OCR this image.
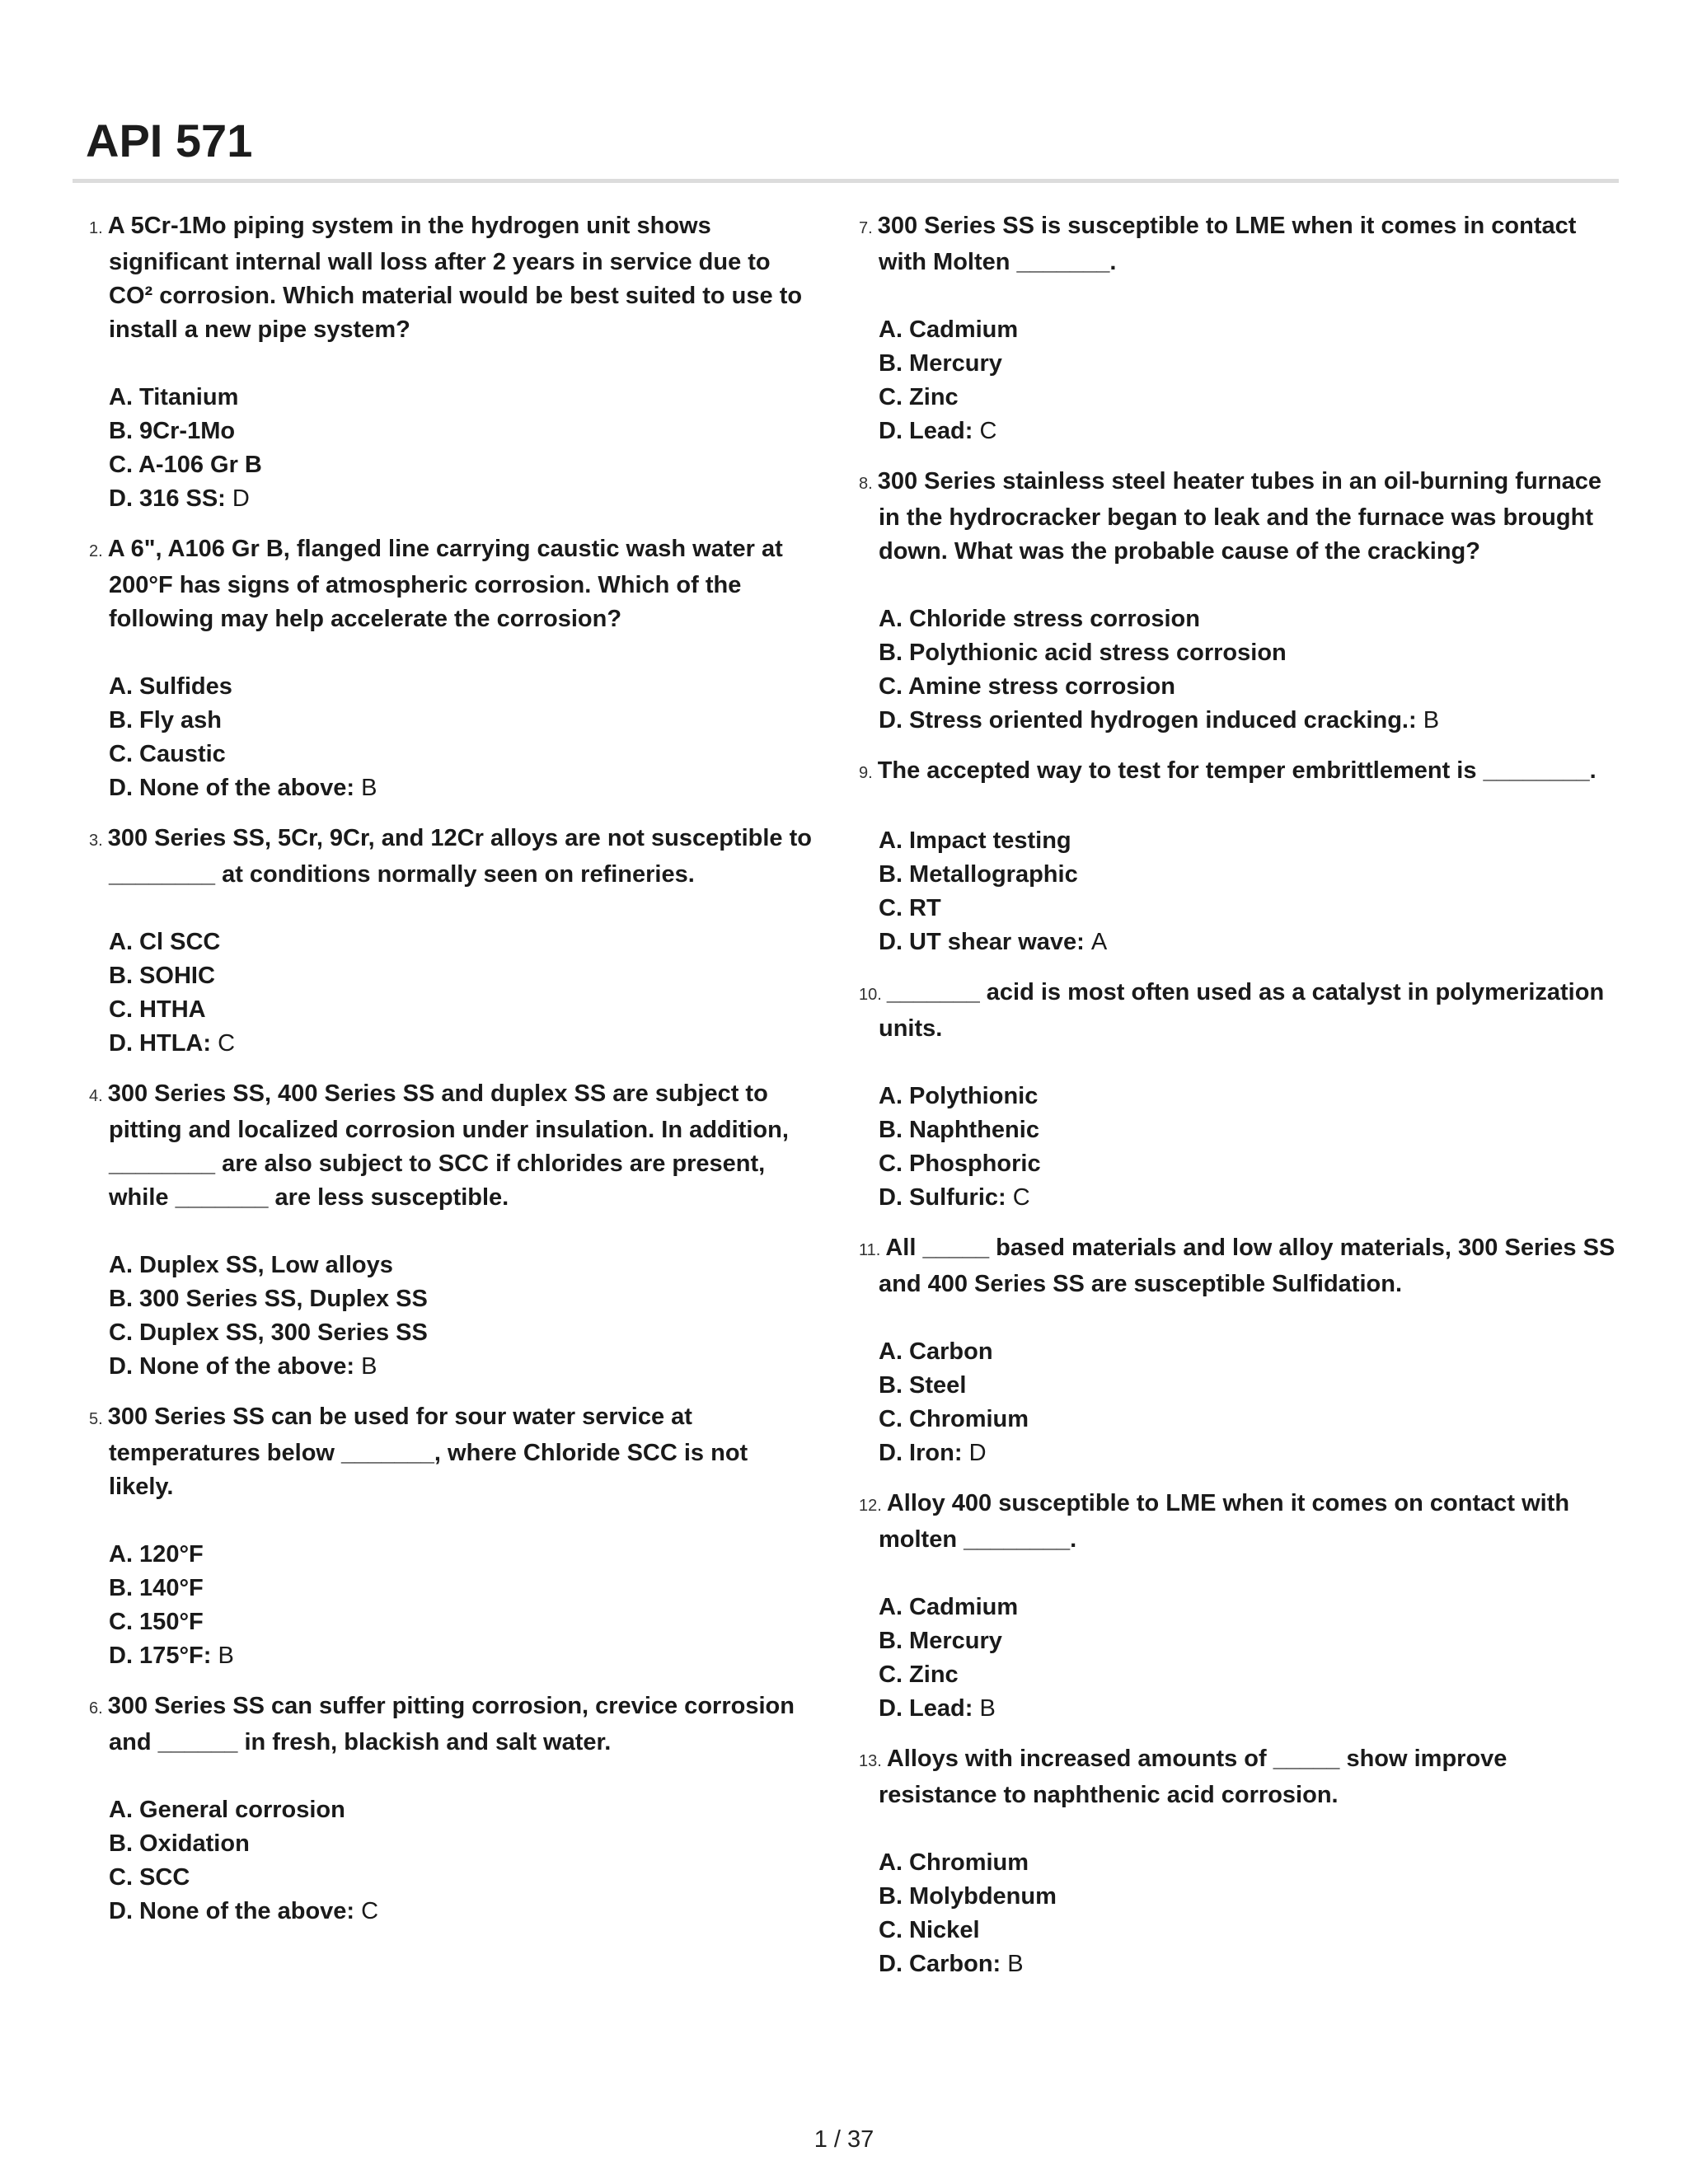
API 571

1. A 5Cr-1Mo piping system in the hydrogen unit shows significant internal wall loss after 2 years in service due to CO² corrosion. Which material would be best suited to use to install a new pipe system?

A. Titanium
B. 9Cr-1Mo
C. A-106 Gr B
D. 316 SS: D

2. A 6", A106 Gr B, flanged line carrying caustic wash water at 200°F has signs of atmospheric corrosion. Which of the following may help accelerate the corrosion?

A. Sulfides
B. Fly ash
C. Caustic
D. None of the above: B

3. 300 Series SS, 5Cr, 9Cr, and 12Cr alloys are not susceptible to ________ at conditions normally seen on refineries.

A. Cl SCC
B. SOHIC
C. HTHA
D. HTLA: C

4. 300 Series SS, 400 Series SS and duplex SS are subject to pitting and localized corrosion under insulation. In addition, ________ are also subject to SCC if chlorides are present, while _______ are less susceptible.

A. Duplex SS, Low alloys
B. 300 Series SS, Duplex SS
C. Duplex SS, 300 Series SS
D. None of the above: B

5. 300 Series SS can be used for sour water service at temperatures below _______, where Chloride SCC is not likely.

A. 120°F
B. 140°F
C. 150°F
D. 175°F: B

6. 300 Series SS can suffer pitting corrosion, crevice corrosion and ______ in fresh, blackish and salt water.

A. General corrosion
B. Oxidation
C. SCC
D. None of the above: C

7. 300 Series SS is susceptible to LME when it comes in contact with Molten _______.

A. Cadmium
B. Mercury
C. Zinc
D. Lead: C

8. 300 Series stainless steel heater tubes in an oil-burning furnace in the hydrocracker began to leak and the furnace was brought down. What was the probable cause of the cracking?

A. Chloride stress corrosion
B. Polythionic acid stress corrosion
C. Amine stress corrosion
D. Stress oriented hydrogen induced cracking.: B

9. The accepted way to test for temper embrittlement is ________.

A. Impact testing
B. Metallographic
C. RT
D. UT shear wave: A

10. _______ acid is most often used as a catalyst in polymerization units.

A. Polythionic
B. Naphthenic
C. Phosphoric
D. Sulfuric: C

11. All _____ based materials and low alloy materials, 300 Series SS and 400 Series SS are susceptible Sulfidation.

A. Carbon
B. Steel
C. Chromium
D. Iron: D

12. Alloy 400 susceptible to LME when it comes on contact with molten ________.

A. Cadmium
B. Mercury
C. Zinc
D. Lead: B

13. Alloys with increased amounts of _____ show improve resistance to naphthenic acid corrosion.

A. Chromium
B. Molybdenum
C. Nickel
D. Carbon: B
1 / 37
